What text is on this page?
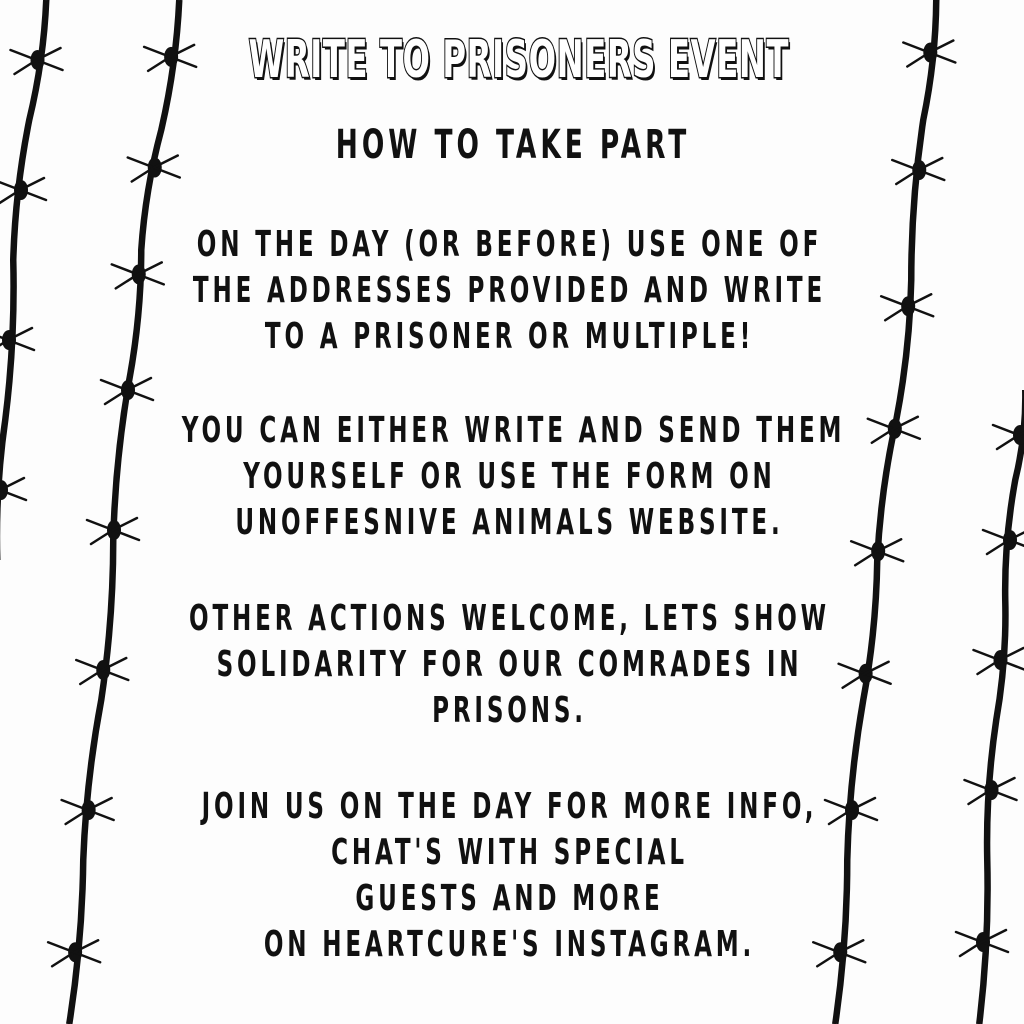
WRITE TO PRISONERS EVENT
HOW TO TAKE PART
ON THE DAY (OR BEFORE) USE ONE OF
THE ADDRESSES PROVIDED AND WRITE
TO A PRISONER OR MULTIPLE!
YOU CAN EITHER WRITE AND SEND THEM
YOURSELF OR USE THE FORM ON
UNOFFESNIVE ANIMALS WEBSITE.
OTHER ACTIONS WELCOME, LETS SHOW
SOLIDARITY FOR OUR COMRADES IN
PRISONS.
JOIN US ON THE DAY FOR MORE INFO,
CHAT'S WITH SPECIAL
GUESTS AND MORE
ON HEARTCURE'S INSTAGRAM.
